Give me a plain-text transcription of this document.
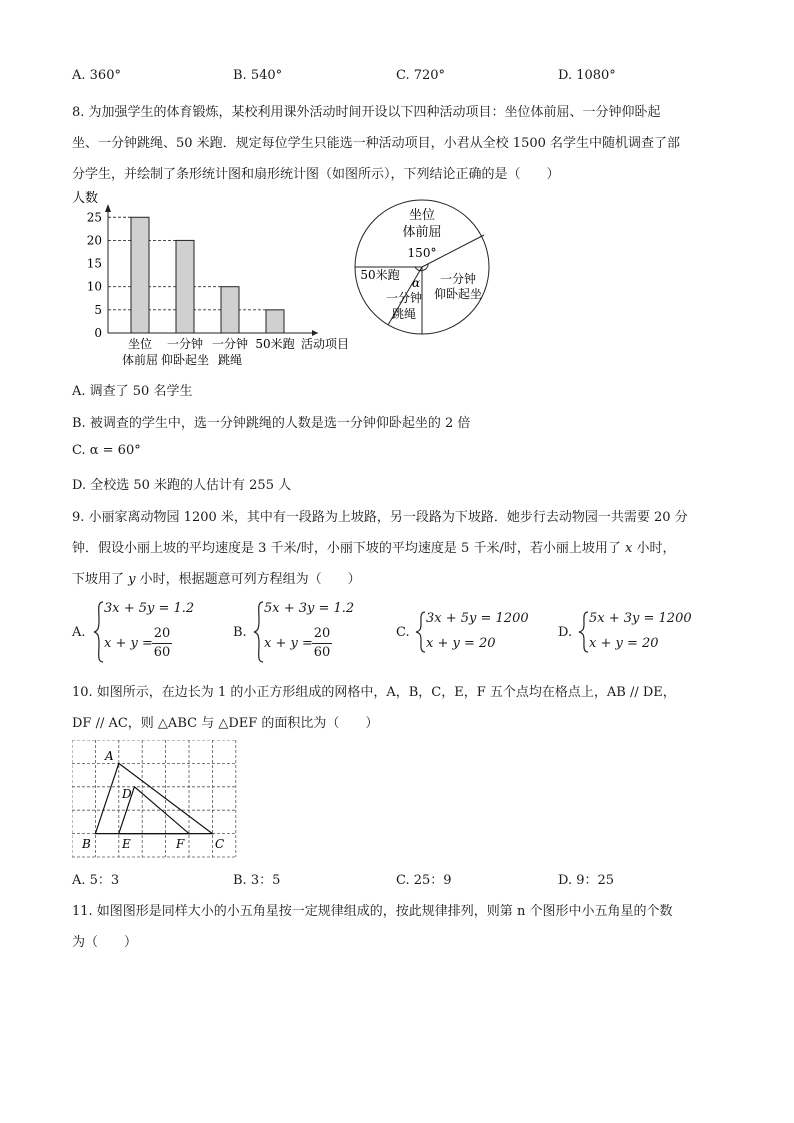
A. 360°	B. 540°	C. 720°	D. 1080°
8. 为加强学生的体育锻炼，某校利用课外活动时间开设以下四种活动项目：坐位体前屈、一分钟仰卧起
坐、一分钟跳绳、50 米跑．规定每位学生只能选一种活动项目，小君从全校 1500 名学生中随机调查了部
分学生，并绘制了条形统计图和扇形统计图（如图所示），下列结论正确的是（　　）
人数
0
5
10
15
20
25
坐位
体前屈
一分钟
仰卧起坐
一分钟
跳绳
50米跑 活动项目
坐位
体前屈
150°
50米跑
α 一分钟
仰卧起坐
一分钟
跳绳
A. 调查了 50 名学生
B. 被调查的学生中，选一分钟跳绳的人数是选一分钟仰卧起坐的 2 倍
C. α = 60°
D. 全校选 50 米跑的人估计有 255 人
9. 小丽家离动物园 1200 米，其中有一段路为上坡路，另一段路为下坡路．她步行去动物园一共需要 20 分
钟．假设小丽上坡的平均速度是 3 千米/时，小丽下坡的平均速度是 5 千米/时，若小丽上坡用了 x 小时，
下坡用了 y 小时，根据题意可列方程组为（　　）
A.
3x + 5y = 1.2
x + y =
20
60
B.
5x + 3y = 1.2
x + y =
20
60
C.
3x + 5y = 1200
x + y = 20
D.
5x + 3y = 1200
x + y = 20
10. 如图所示，在边长为 1 的小正方形组成的网格中，A，B，C，E，F 五个点均在格点上，AB // DE，
DF // AC，则 △ABC 与 △DEF 的面积比为（　　）
A
B	C
D
E	F
A. 5：3	B. 3：5	C. 25：9	D. 9：25
11. 如图图形是同样大小的小五角星按一定规律组成的，按此规律排列，则第 n 个图形中小五角星的个数
为（　　）
